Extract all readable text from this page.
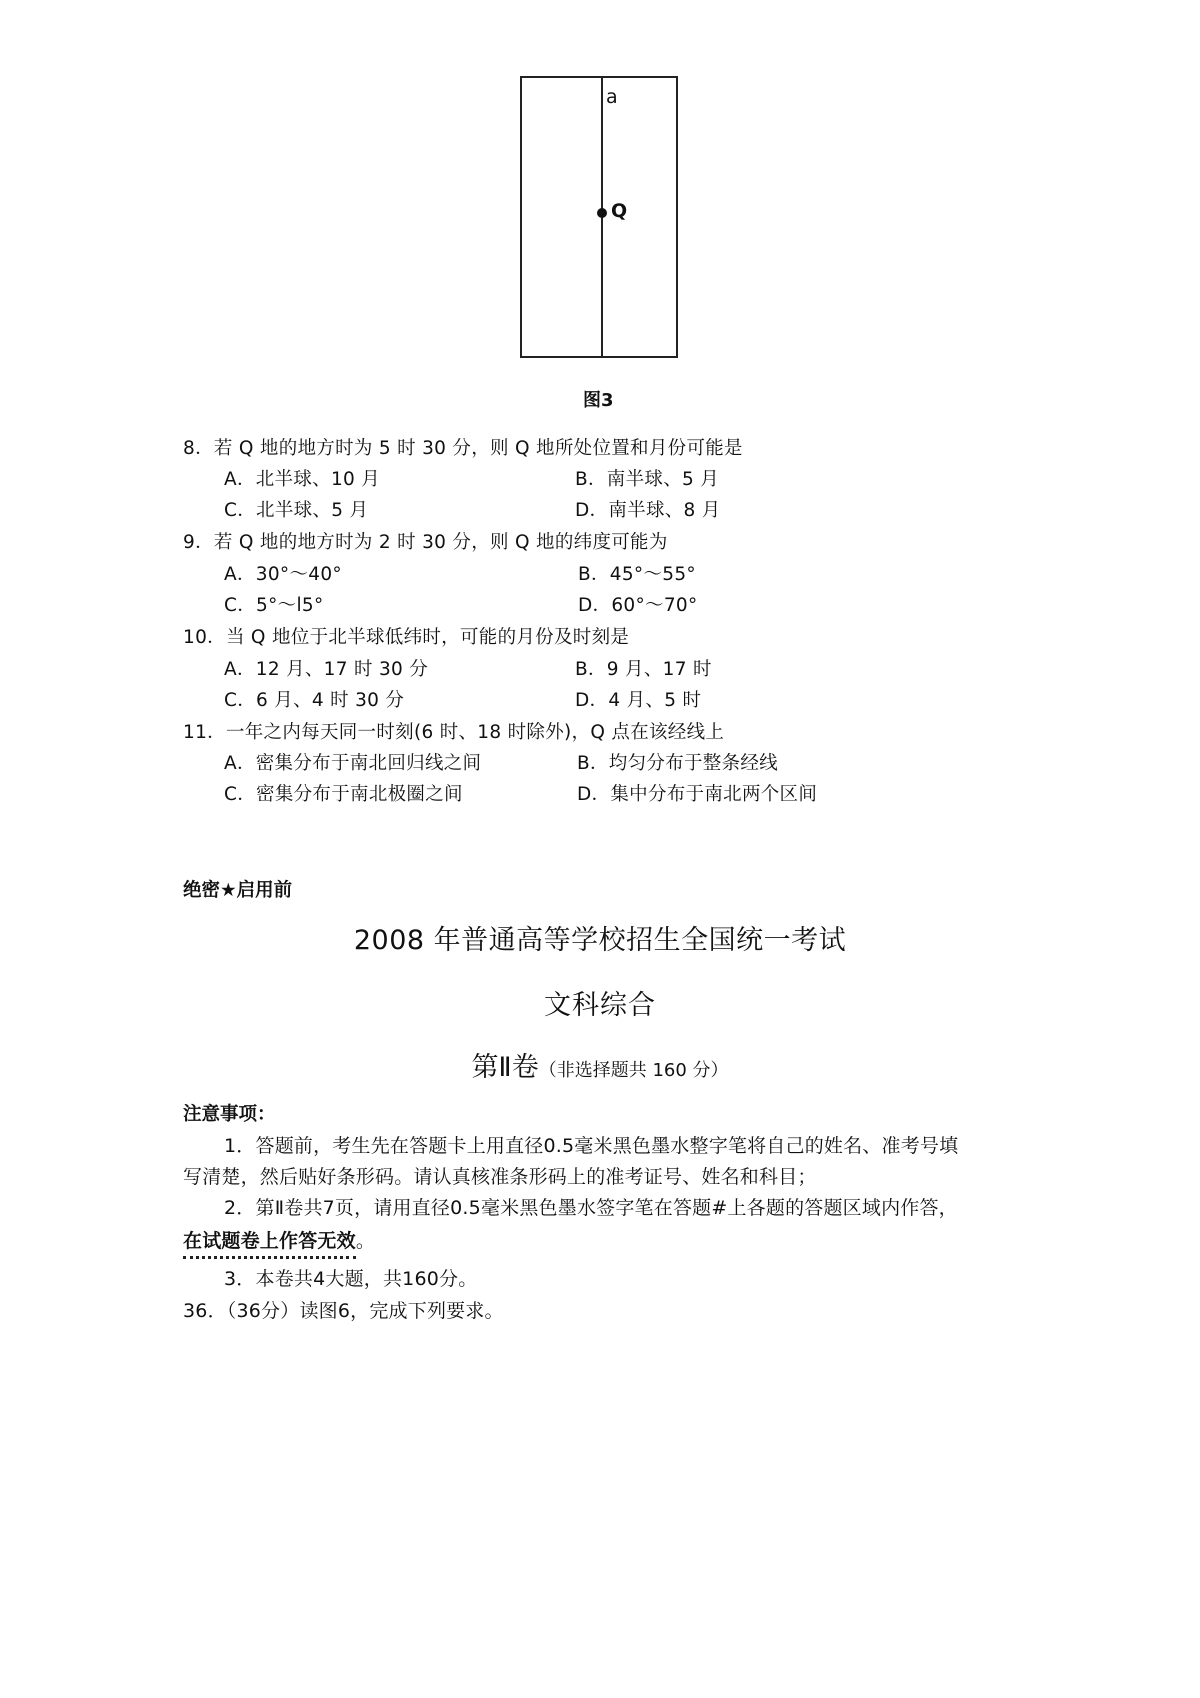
a
Q
图3
8．若 Q 地的地方时为 5 时 30 分，则 Q 地所处位置和月份可能是
A．北半球、10 月	B．南半球、5 月
C．北半球、5 月	D．南半球、8 月
9．若 Q 地的地方时为 2 时 30 分，则 Q 地的纬度可能为
A．30°～40°	B．45°～55°
C．5°～l5°	D．60°～70°
10．当 Q 地位于北半球低纬时，可能的月份及时刻是
A．12 月、17 时 30 分	B．9 月、17 时
C．6 月、4 时 30 分	D．4 月、5 时
11．一年之内每天同一时刻(6 时、18 时除外)，Q 点在该经线上
A．密集分布于南北回归线之间	B．均匀分布于整条经线
C．密集分布于南北极圈之间	D．集中分布于南北两个区间
绝密★启用前
2008 年普通高等学校招生全国统一考试
文科综合
第Ⅱ卷（非选择题共 160 分）
注意事项：
1．答题前，考生先在答题卡上用直径0.5毫米黑色墨水整字笔将自己的姓名、准考号填
写清楚，然后贴好条形码。请认真核准条形码上的准考证号、姓名和科目；
2．第Ⅱ卷共7页，请用直径0.5毫米黑色墨水签字笔在答题#上各题的答题区域内作答，
在试题卷上作答无效。
3．本卷共4大题，共160分。
36．（36分）读图6，完成下列要求。
